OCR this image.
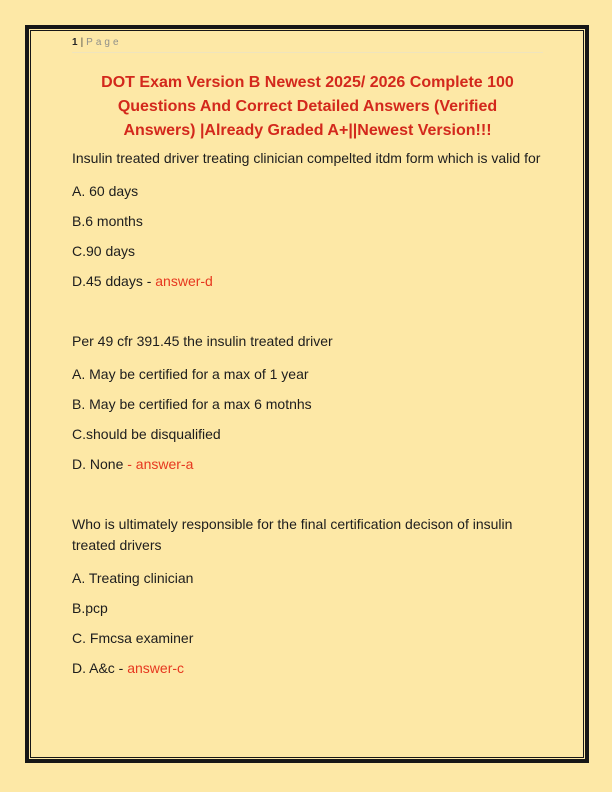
1 | Page
DOT Exam Version B Newest 2025/ 2026 Complete 100
Questions And Correct Detailed Answers (Verified
Answers) |Already Graded A+||Newest Version!!!

Insulin treated driver treating clinician compelted itdm form which is valid for

A. 60 days

B.6 months

C.90 days

D.45 ddays - answer-d

Per 49 cfr 391.45 the insulin treated driver

A. May be certified for a max of 1 year

B. May be certified for a max 6 motnhs

C.should be disqualified

D. None - answer-a

Who is ultimately responsible for the final certification decison of insulin treated drivers

A. Treating clinician

B.pcp

C. Fmcsa examiner

D. A&c - answer-c
